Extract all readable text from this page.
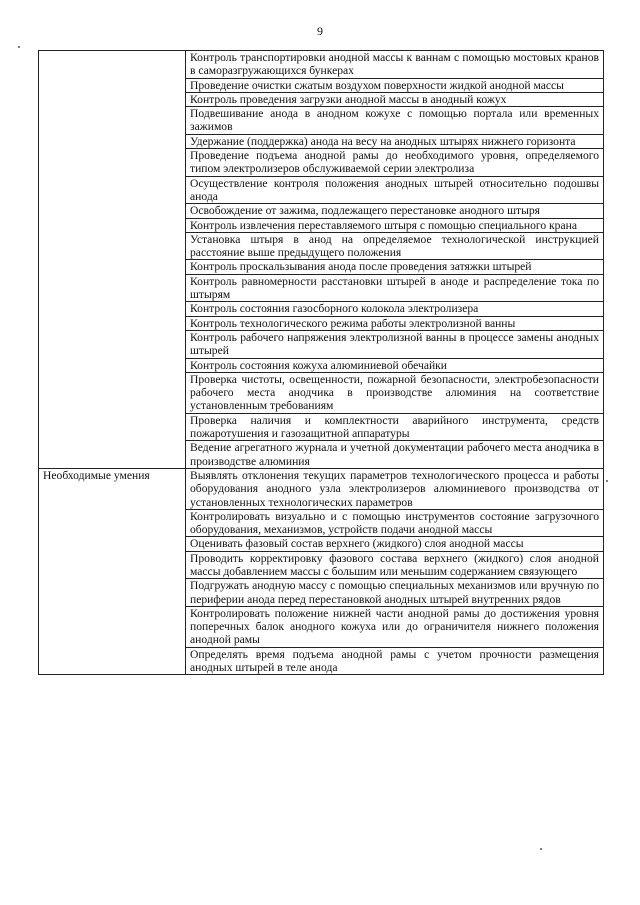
9
	Контроль транспортировки анодной массы к ваннам с помощью мостовых кранов в саморазгружающихся бункерах
	Проведение очистки сжатым воздухом поверхности жидкой анодной массы
	Контроль проведения загрузки анодной массы в анодный кожух
	Подвешивание анода в анодном кожухе с помощью портала или временных зажимов
	Удержание (поддержка) анода на весу на анодных штырях нижнего горизонта
	Проведение подъема анодной рамы до необходимого уровня, определяемого типом электролизеров обслуживаемой серии электролиза
	Осуществление контроля положения анодных штырей относительно подошвы анода
	Освобождение от зажима, подлежащего перестановке анодного штыря
	Контроль извлечения переставляемого штыря с помощью специального крана
	Установка штыря в анод на определяемое технологической инструкцией расстояние выше предыдущего положения
	Контроль проскальзывания анода после проведения затяжки штырей
	Контроль равномерности расстановки штырей в аноде и распределение тока по штырям
	Контроль состояния газосборного колокола электролизера
	Контроль технологического режима работы электролизной ванны
	Контроль рабочего напряжения электролизной ванны в процессе замены анодных штырей
	Контроль состояния кожуха алюминиевой обечайки
	Проверка чистоты, освещенности, пожарной безопасности, электробезопасности рабочего места анодчика в производстве алюминия на соответствие установленным требованиям
	Проверка наличия и комплектности аварийного инструмента, средств пожаротушения и газозащитной аппаратуры
	Ведение агрегатного журнала и учетной документации рабочего места анодчика в производстве алюминия
Необходимые умения	Выявлять отклонения текущих параметров технологического процесса и работы оборудования анодного узла электролизеров алюминиевого производства от установленных технологических параметров
	Контролировать визуально и с помощью инструментов состояние загрузочного оборудования, механизмов, устройств подачи анодной массы
	Оценивать фазовый состав верхнего (жидкого) слоя анодной массы
	Проводить корректировку фазового состава верхнего (жидкого) слоя анодной массы добавлением массы с большим или меньшим содержанием связующего
	Подгружать анодную массу с помощью специальных механизмов или вручную по периферии анода перед перестановкой анодных штырей внутренних рядов
	Контролировать положение нижней части анодной рамы до достижения уровня поперечных балок анодного кожуха или до ограничителя нижнего положения анодной рамы
	Определять время подъема анодной рамы с учетом прочности размещения анодных штырей в теле анода
